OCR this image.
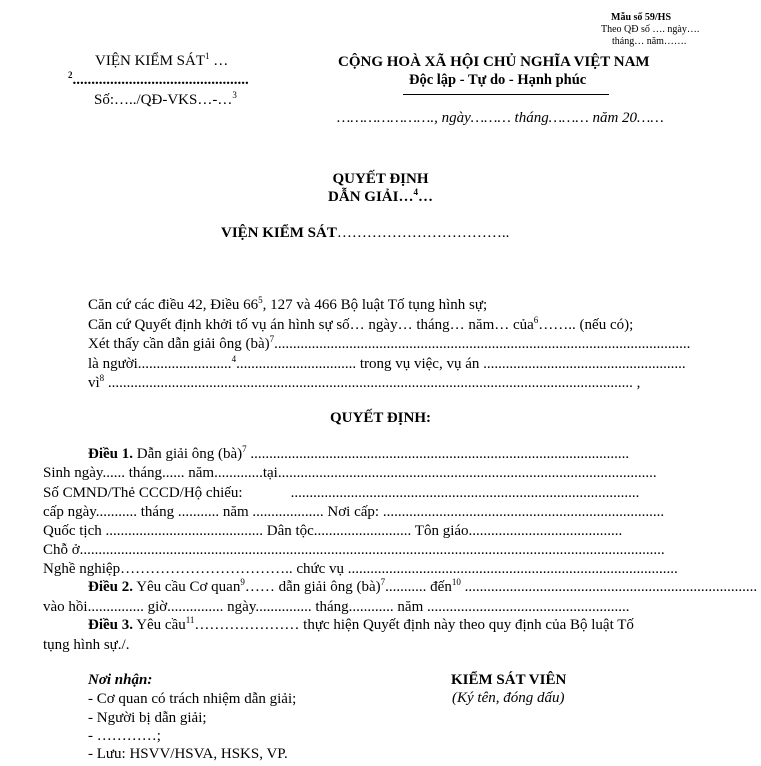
Mẫu số 59/HS
Theo QĐ số …. ngày….
tháng… năm…….
VIỆN KIỂM SÁT$^1$ …
$^2$...............................................
Số:…../QĐ-VKS…-…$^3$
CỘNG HOÀ XÃ HỘI CHỦ NGHĨA VIỆT NAM
Độc lập - Tự do - Hạnh phúc
…………………., ngày……… tháng……… năm 20……
QUYẾT ĐỊNH
DẪN GIẢI…$^4$…
VIỆN KIỂM SÁT……………………………..
Căn cứ các điều 42, Điều $66^5$, 127 và 466 Bộ luật Tố tụng hình sự;
Căn cứ Quyết định khởi tố vụ án hình sự số… ngày… tháng… năm… của$^6$…….. (nếu có);
Xét thấy cần dẫn giải ông (bà)$^7$...............................................................................................................
là người.........................$^4$................................ trong vụ việc, vụ án ......................................................
$vì^8$ ............................................................................................................................................ ,
QUYẾT ĐỊNH:
Điều 1. Dẫn giải ông (bà)$^7$ .....................................................................................................
Sinh ngày...... tháng...... năm.............tại.....................................................................................................
Số CMND/Thẻ CCCD/Hộ chiếu:	.............................................................................................
cấp ngày........... tháng ........... năm ................... Nơi cấp: ...........................................................................
Quốc tịch .......................................... Dân tộc.......................... Tôn giáo.........................................
Chỗ ở............................................................................................................................................................
Nghề nghiệp…………………………….. chức vụ ........................................................................................
Điều 2. Yêu cầu Cơ quan$^9$…… dẫn giải ông (bà)$^7$........... đến$^{10}$ ..............................................................................
vào hồi............... giờ............... ngày............... tháng............ năm ......................................................
Điều 3. Yêu cầu$^{11}$………………… thực hiện Quyết định này theo quy định của Bộ luật Tố
tụng hình sự./.
Nơi nhận:
- Cơ quan có trách nhiệm dẫn giải;
- Người bị dẫn giải;
- …………;
- Lưu: HSVV/HSVA, HSKS, VP.
KIỂM SÁT VIÊN
(Ký tên, đóng dấu)
